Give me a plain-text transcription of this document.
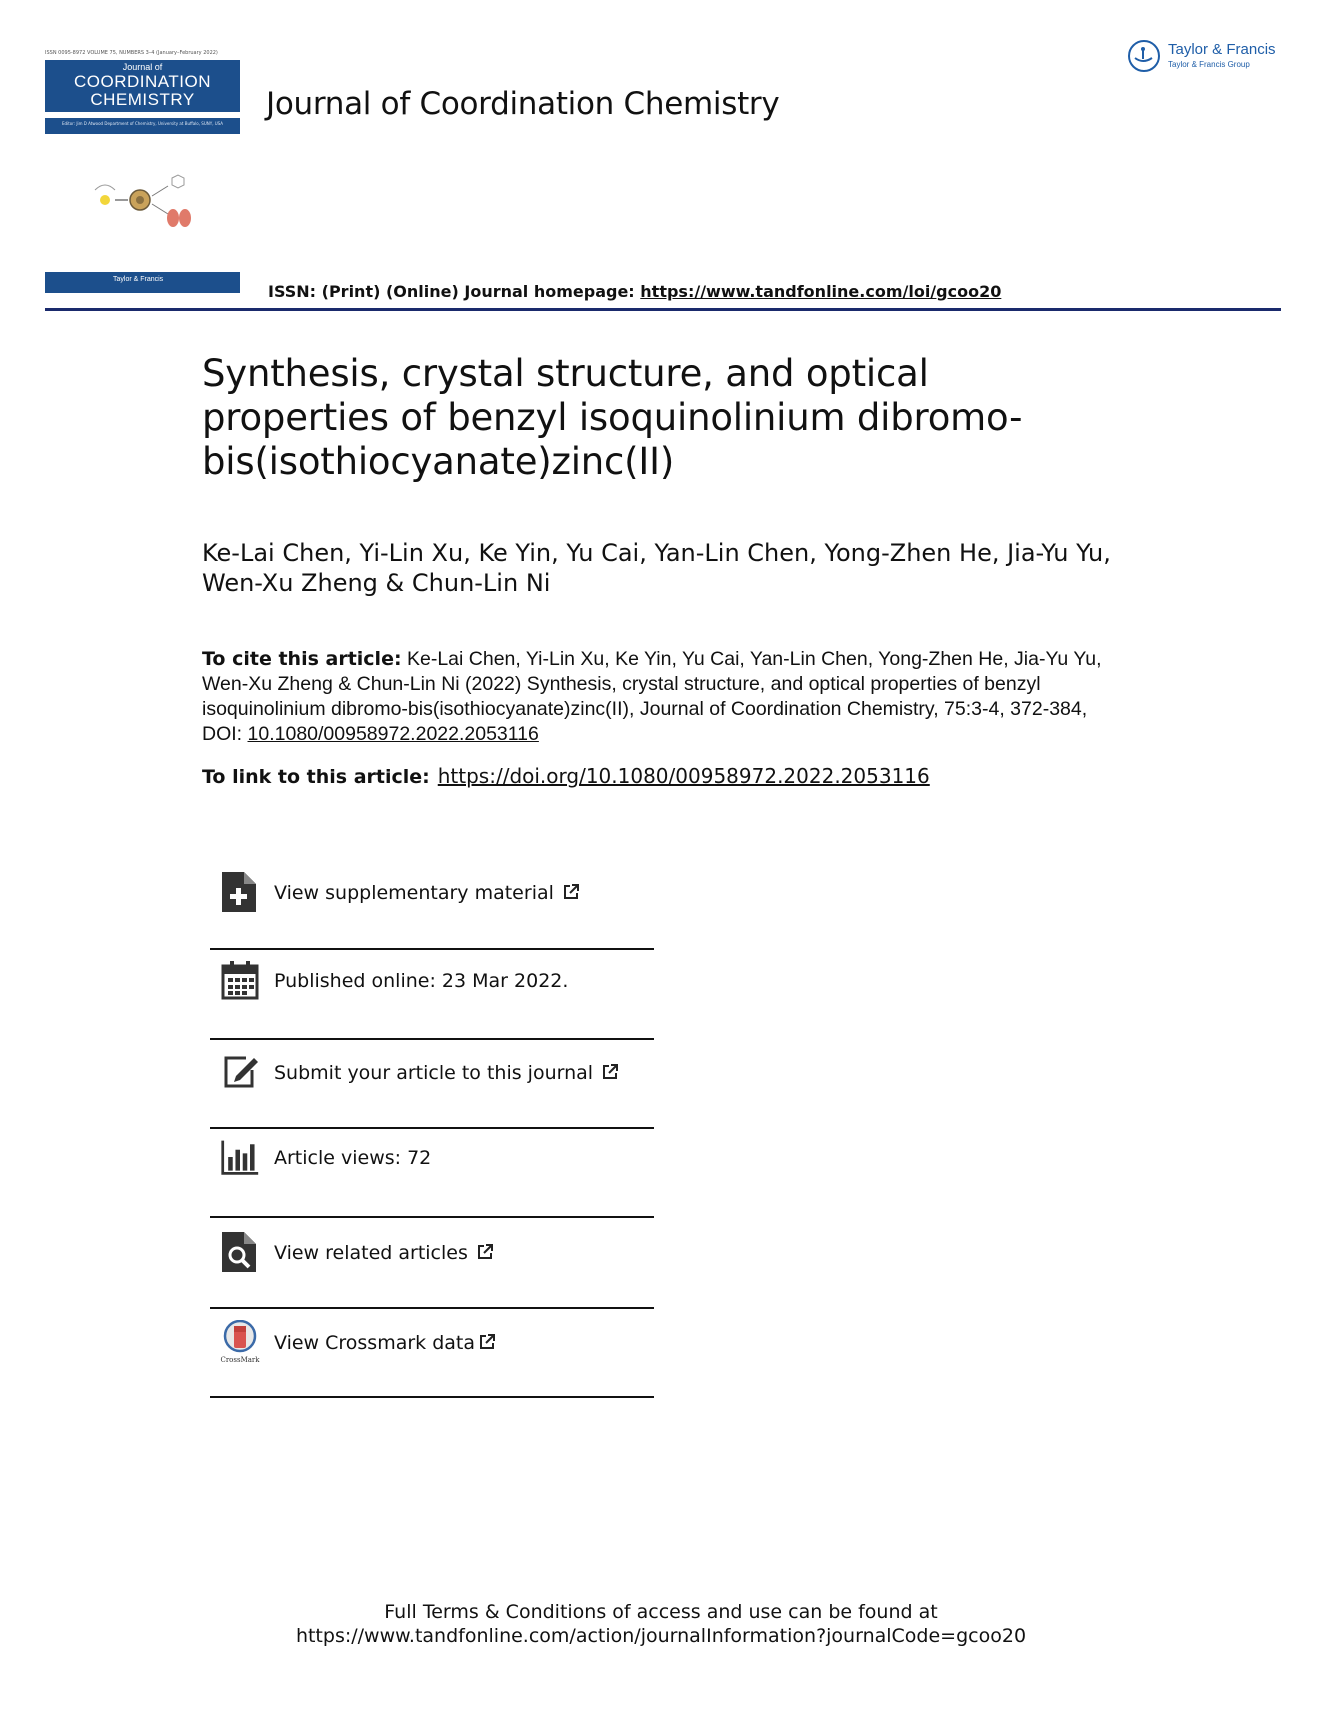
ISSN 0095-8972 VOLUME 75, NUMBERS 3–4 (January–February 2022)
Journal of
COORDINATION
CHEMISTRY
Editor: Jim D Atwood Department of Chemistry, University at Buffalo, SUNY, USA
Taylor & Francis
Journal of Coordination Chemistry
Taylor & Francis
Taylor & Francis Group
ISSN: (Print) (Online) Journal homepage: https://www.tandfonline.com/loi/gcoo20
Synthesis, crystal structure, and optical properties of benzyl isoquinolinium dibromo-bis(isothiocyanate)zinc(II)
Ke-Lai Chen, Yi-Lin Xu, Ke Yin, Yu Cai, Yan-Lin Chen, Yong-Zhen He, Jia-Yu Yu, Wen-Xu Zheng & Chun-Lin Ni
To cite this article: Ke-Lai Chen, Yi-Lin Xu, Ke Yin, Yu Cai, Yan-Lin Chen, Yong-Zhen He, Jia-Yu Yu, Wen-Xu Zheng & Chun-Lin Ni (2022) Synthesis, crystal structure, and optical properties of benzyl isoquinolinium dibromo-bis(isothiocyanate)zinc(II), Journal of Coordination Chemistry, 75:3-4, 372-384, DOI: 10.1080/00958972.2022.2053116
To link to this article: https://doi.org/10.1080/00958972.2022.2053116
View supplementary material
Published online: 23 Mar 2022.
Submit your article to this journal
Article views: 72
View related articles
CrossMark
View Crossmark data
Full Terms & Conditions of access and use can be found at
https://www.tandfonline.com/action/journalInformation?journalCode=gcoo20
